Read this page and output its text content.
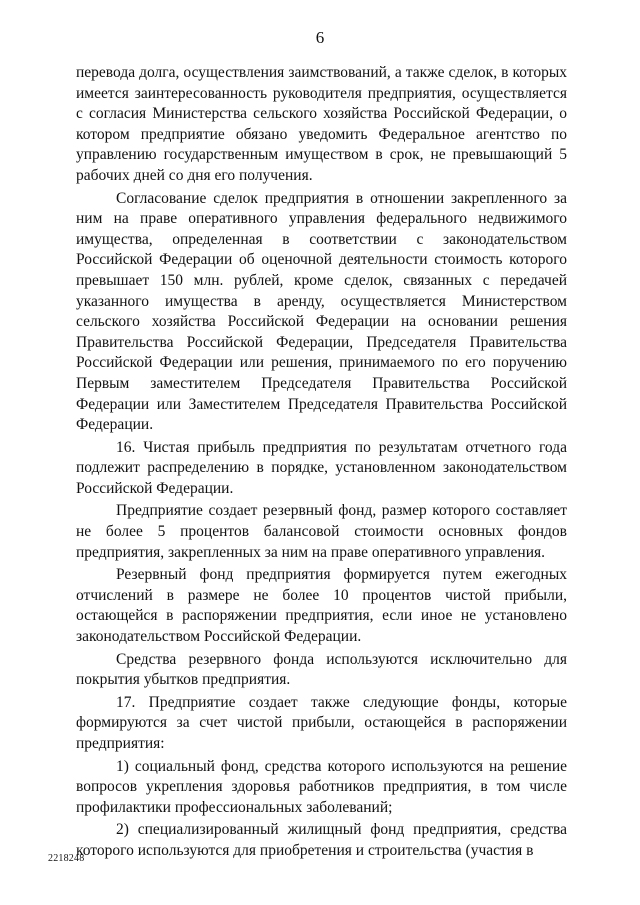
6

перевода долга, осуществления заимствований, а также сделок, в которых имеется заинтересованность руководителя предприятия, осуществляется с согласия Министерства сельского хозяйства Российской Федерации, о котором предприятие обязано уведомить Федеральное агентство по управлению государственным имуществом в срок, не превышающий 5 рабочих дней со дня его получения.

Согласование сделок предприятия в отношении закрепленного за ним на праве оперативного управления федерального недвижимого имущества, определенная в соответствии с законодательством Российской Федерации об оценочной деятельности стоимость которого превышает 150 млн. рублей, кроме сделок, связанных с передачей указанного имущества в аренду, осуществляется Министерством сельского хозяйства Российской Федерации на основании решения Правительства Российской Федерации, Председателя Правительства Российской Федерации или решения, принимаемого по его поручению Первым заместителем Председателя Правительства Российской Федерации или Заместителем Председателя Правительства Российской Федерации.

16. Чистая прибыль предприятия по результатам отчетного года подлежит распределению в порядке, установленном законодательством Российской Федерации.

Предприятие создает резервный фонд, размер которого составляет не более 5 процентов балансовой стоимости основных фондов предприятия, закрепленных за ним на праве оперативного управления.

Резервный фонд предприятия формируется путем ежегодных отчислений в размере не более 10 процентов чистой прибыли, остающейся в распоряжении предприятия, если иное не установлено законодательством Российской Федерации.

Средства резервного фонда используются исключительно для покрытия убытков предприятия.

17. Предприятие создает также следующие фонды, которые формируются за счет чистой прибыли, остающейся в распоряжении предприятия:

1) социальный фонд, средства которого используются на решение вопросов укрепления здоровья работников предприятия, в том числе профилактики профессиональных заболеваний;

2) специализированный жилищный фонд предприятия, средства которого используются для приобретения и строительства (участия в

2218248
